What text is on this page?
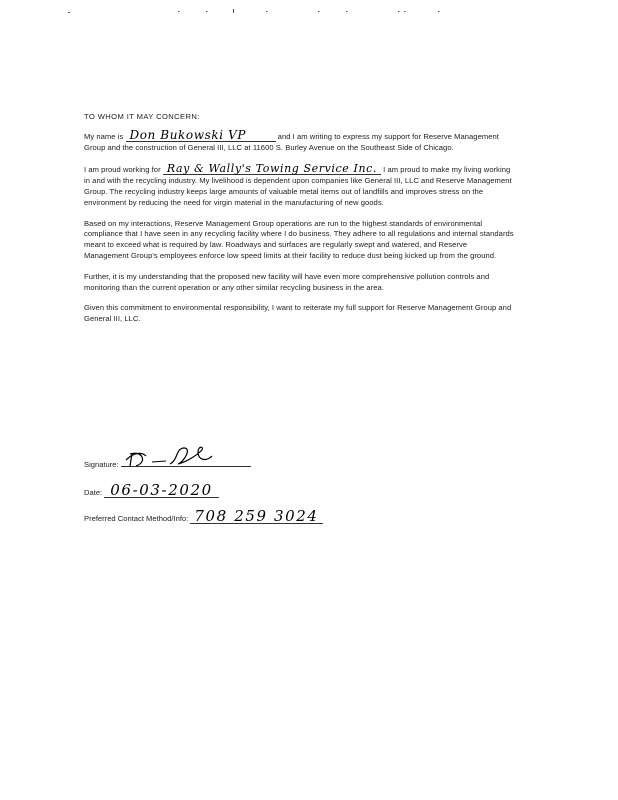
TO WHOM IT MAY CONCERN:

My name is Don Bukowski VP	and I am writing to express my support for Reserve Management Group and the construction of General III, LLC at 11600 S. Burley Avenue on the Southeast Side of Chicago.

I am proud working for Ray & Wally's Towing Service Inc. I am proud to make my living working in and with the recycling industry. My livelihood is dependent upon companies like General III, LLC and Reserve Management Group. The recycling industry keeps large amounts of valuable metal items out of landfills and improves stress on the environment by reducing the need for virgin material in the manufacturing of new goods.

Based on my interactions, Reserve Management Group operations are run to the highest standards of environmental compliance that I have seen in any recycling facility where I do business. They adhere to all regulations and internal standards meant to exceed what is required by law. Roadways and surfaces are regularly swept and watered, and Reserve Management Group's employees enforce low speed limits at their facility to reduce dust being kicked up from the ground.

Further, it is my understanding that the proposed new facility will have even more comprehensive pollution controls and monitoring than the current operation or any other similar recycling business in the area.

Given this commitment to environmental responsibility, I want to reiterate my full support for Reserve Management Group and General III, LLC.

Signature:
Date: 06-03-2020
Preferred Contact Method/Info: 708 259 3024
